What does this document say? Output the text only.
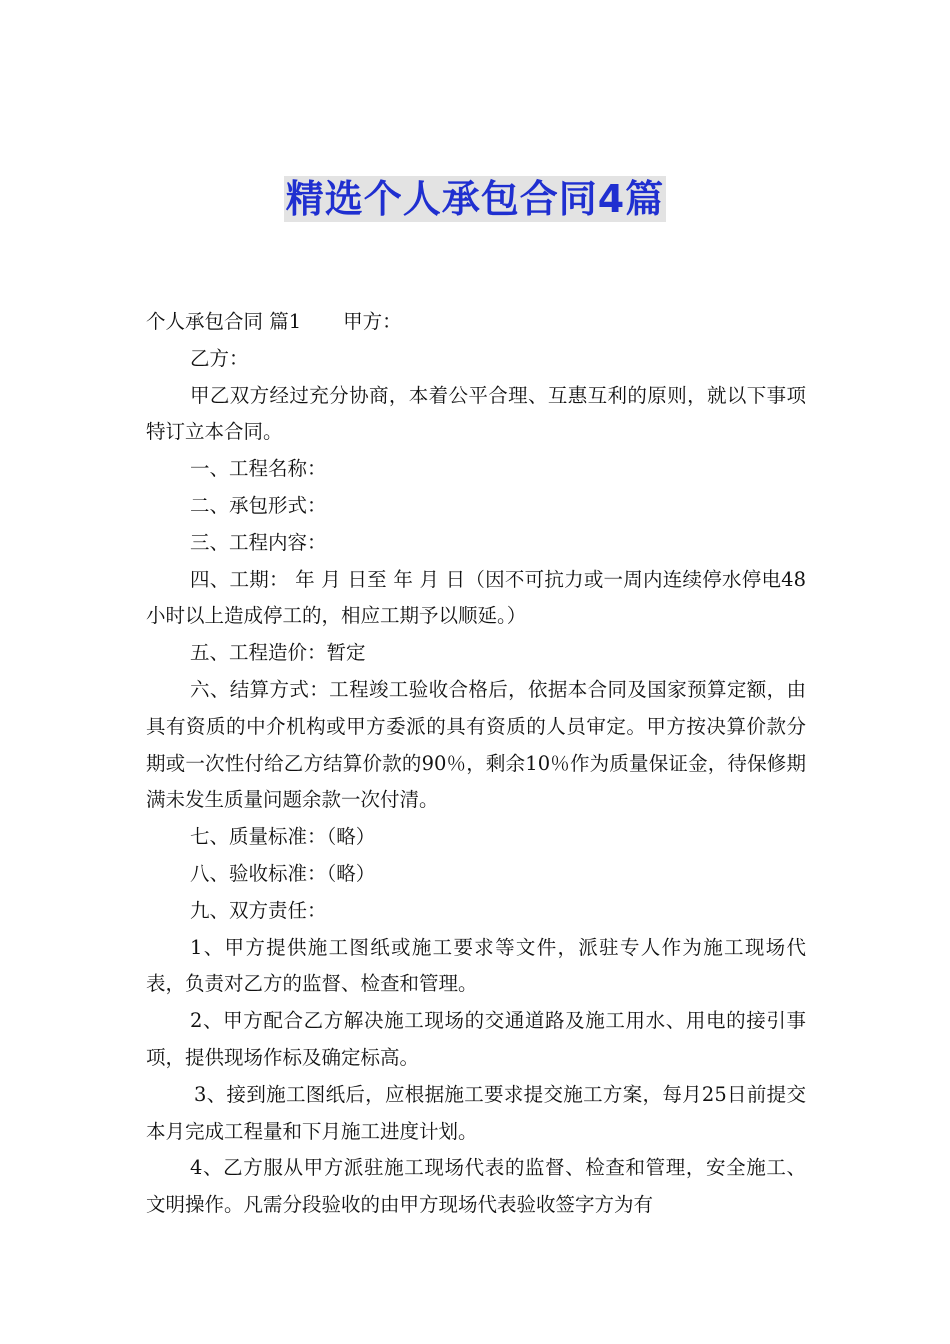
精选个人承包合同4篇

个人承包合同 篇1 甲方：

乙方：

甲乙双方经过充分协商，本着公平合理、互惠互利的原则，就以下事项特订立本合同。

一、工程名称：

二、承包形式：

三、工程内容：

四、工期： 年 月 日至 年 月 日（因不可抗力或一周内连续停水停电48小时以上造成停工的，相应工期予以顺延。）

五、工程造价：暂定

六、结算方式：工程竣工验收合格后，依据本合同及国家预算定额，由具有资质的中介机构或甲方委派的具有资质的人员审定。甲方按决算价款分期或一次性付给乙方结算价款的90％，剩余10％作为质量保证金，待保修期满未发生质量问题余款一次付清。

七、质量标准：（略）

八、验收标准：（略）

九、双方责任：

1、甲方提供施工图纸或施工要求等文件，派驻专人作为施工现场代表，负责对乙方的监督、检查和管理。

2、甲方配合乙方解决施工现场的交通道路及施工用水、用电的接引事项，提供现场作标及确定标高。

3、接到施工图纸后，应根据施工要求提交施工方案，每月25日前提交本月完成工程量和下月施工进度计划。

4、乙方服从甲方派驻施工现场代表的监督、检查和管理，安全施工、文明操作。凡需分段验收的由甲方现场代表验收签字方为有
